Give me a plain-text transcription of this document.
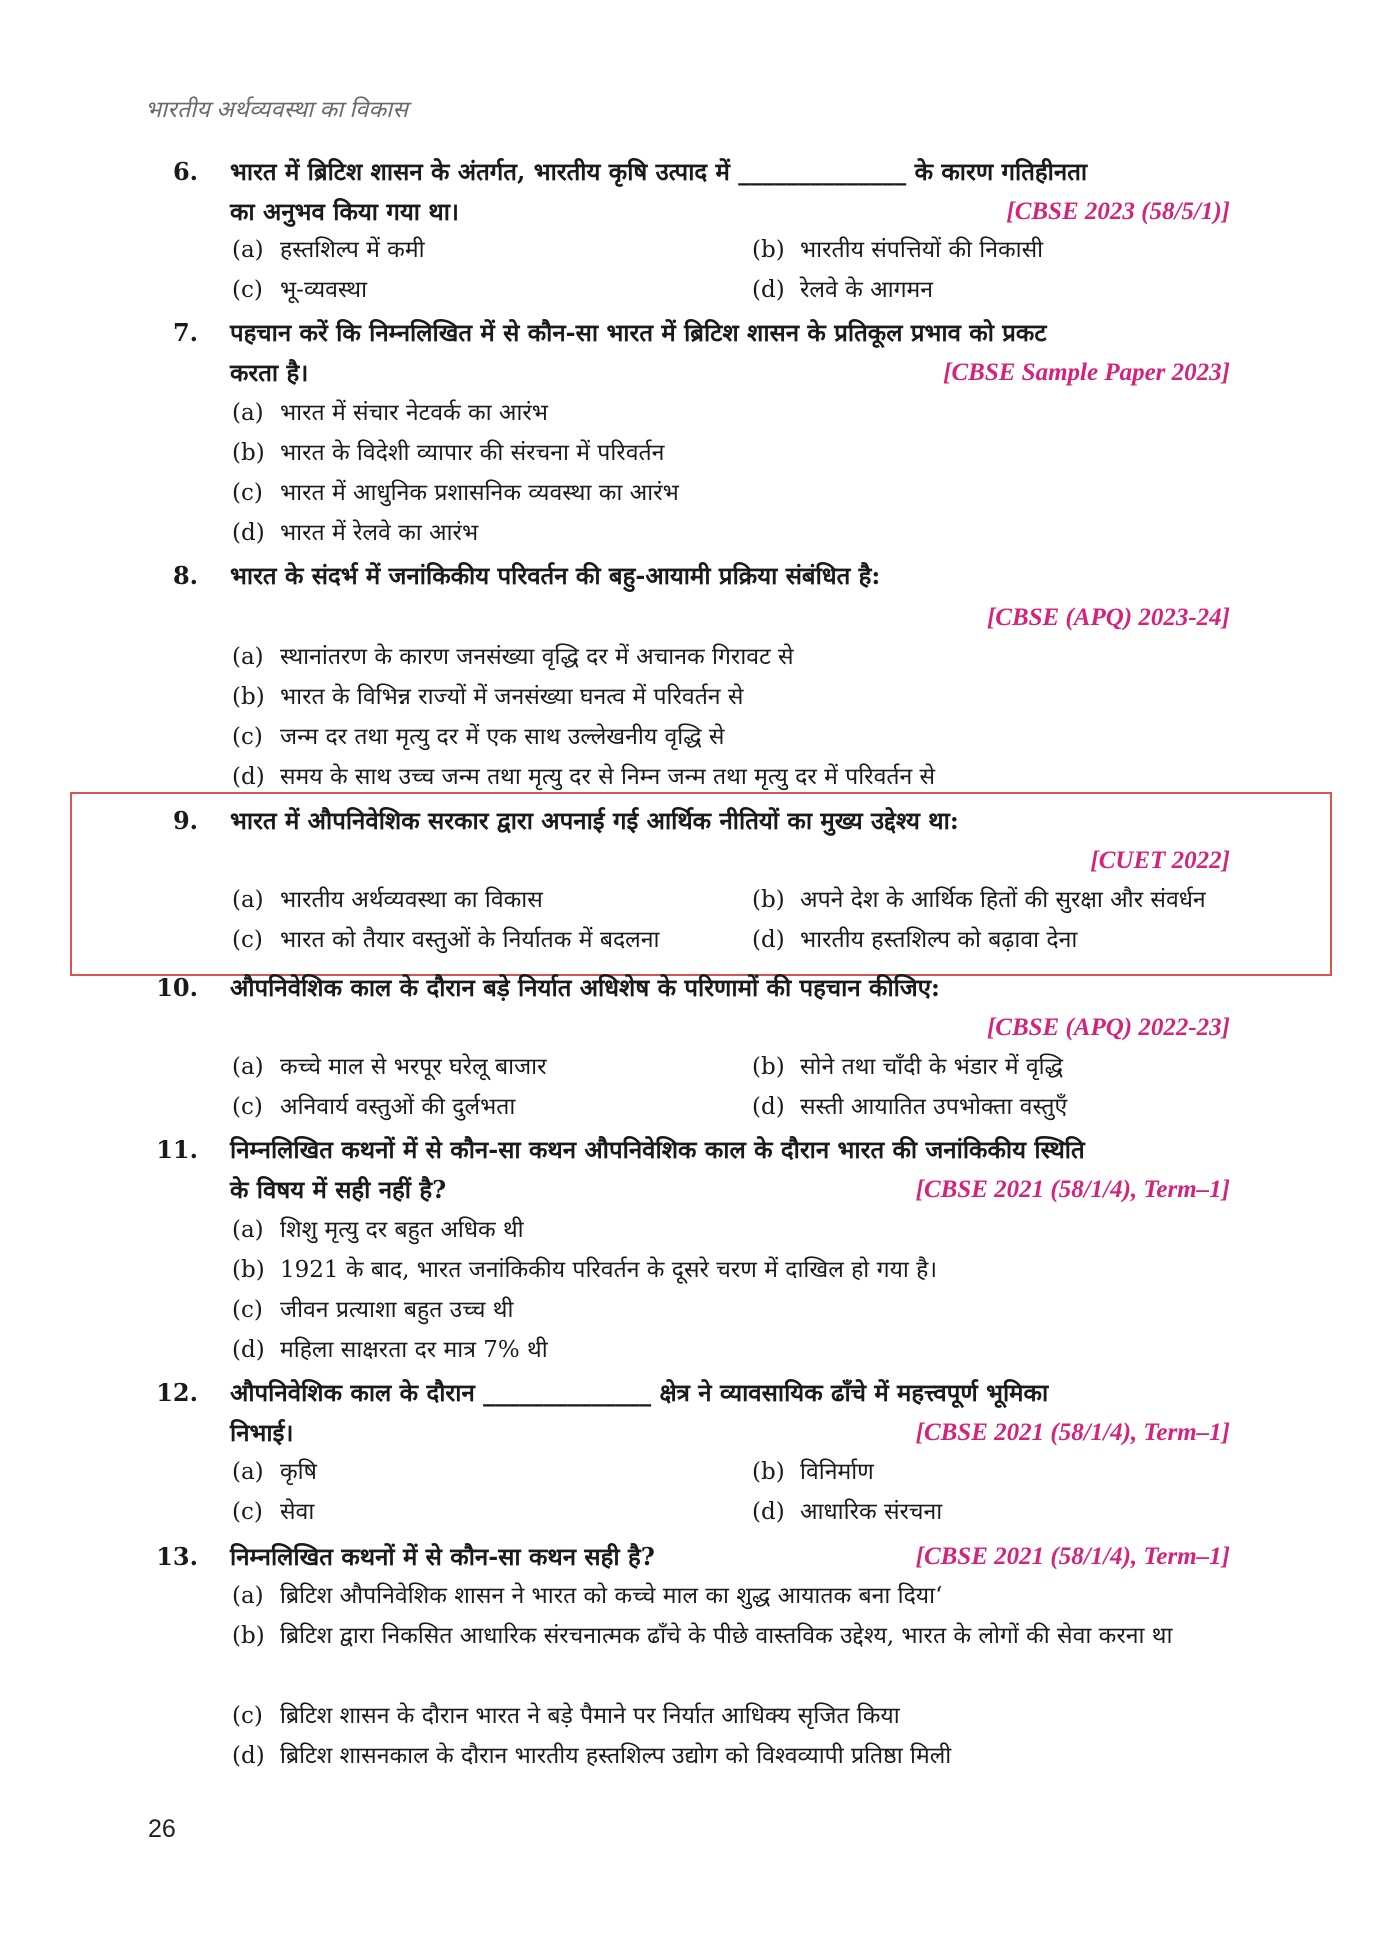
भारतीय अर्थव्यवस्था का विकास
6. भारत में ब्रिटिश शासन के अंतर्गत, भारतीय कृषि उत्पाद में ______________ के कारण गतिहीनता
का अनुभव किया गया था।	[CBSE 2023 (58/5/1)]
(a) हस्तशिल्प में कमी	(b) भारतीय संपत्तियों की निकासी
(c) भू-व्यवस्था	(d) रेलवे के आगमन
7. पहचान करें कि निम्नलिखित में से कौन-सा भारत में ब्रिटिश शासन के प्रतिकूल प्रभाव को प्रकट
करता है।	[CBSE Sample Paper 2023]
(a) भारत में संचार नेटवर्क का आरंभ
(b) भारत के विदेशी व्यापार की संरचना में परिवर्तन
(c) भारत में आधुनिक प्रशासनिक व्यवस्था का आरंभ
(d) भारत में रेलवे का आरंभ
8. भारत के संदर्भ में जनांकिकीय परिवर्तन की बहु-आयामी प्रक्रिया संबंधित है:
[CBSE (APQ) 2023-24]
(a) स्थानांतरण के कारण जनसंख्या वृद्धि दर में अचानक गिरावट से
(b) भारत के विभिन्न राज्यों में जनसंख्या घनत्व में परिवर्तन से
(c) जन्म दर तथा मृत्यु दर में एक साथ उल्लेखनीय वृद्धि से
(d) समय के साथ उच्च जन्म तथा मृत्यु दर से निम्न जन्म तथा मृत्यु दर में परिवर्तन से
9. भारत में औपनिवेशिक सरकार द्वारा अपनाई गई आर्थिक नीतियों का मुख्य उद्देश्य था:
[CUET 2022]
(a) भारतीय अर्थव्यवस्था का विकास	(b) अपने देश के आर्थिक हितों की सुरक्षा और संवर्धन
(c) भारत को तैयार वस्तुओं के निर्यातक में बदलना	(d) भारतीय हस्तशिल्प को बढ़ावा देना
10. औपनिवेशिक काल के दौरान बड़े निर्यात अधिशेष के परिणामों की पहचान कीजिए:
[CBSE (APQ) 2022-23]
(a) कच्चे माल से भरपूर घरेलू बाजार	(b) सोने तथा चाँदी के भंडार में वृद्धि
(c) अनिवार्य वस्तुओं की दुर्लभता	(d) सस्ती आयातित उपभोक्ता वस्तुएँ
11. निम्नलिखित कथनों में से कौन-सा कथन औपनिवेशिक काल के दौरान भारत की जनांकिकीय स्थिति
के विषय में सही नहीं है?	[CBSE 2021 (58/1/4), Term–1]
(a) शिशु मृत्यु दर बहुत अधिक थी
(b) 1921 के बाद, भारत जनांकिकीय परिवर्तन के दूसरे चरण में दाखिल हो गया है।
(c) जीवन प्रत्याशा बहुत उच्च थी
(d) महिला साक्षरता दर मात्र 7% थी
12. औपनिवेशिक काल के दौरान ______________ क्षेत्र ने व्यावसायिक ढाँचे में महत्त्वपूर्ण भूमिका
निभाई।	[CBSE 2021 (58/1/4), Term–1]
(a) कृषि	(b) विनिर्माण
(c) सेवा	(d) आधारिक संरचना
13. निम्नलिखित कथनों में से कौन-सा कथन सही है?	[CBSE 2021 (58/1/4), Term–1]
(a) ब्रिटिश औपनिवेशिक शासन ने भारत को कच्चे माल का शुद्ध आयातक बना दिया‘
(b) ब्रिटिश द्वारा निकसित आधारिक संरचनात्मक ढाँचे के पीछे वास्तविक उद्देश्य, भारत के लोगों की सेवा करना था
(c) ब्रिटिश शासन के दौरान भारत ने बड़े पैमाने पर निर्यात आधिक्य सृजित किया
(d) ब्रिटिश शासनकाल के दौरान भारतीय हस्तशिल्प उद्योग को विश्वव्यापी प्रतिष्ठा मिली
26
